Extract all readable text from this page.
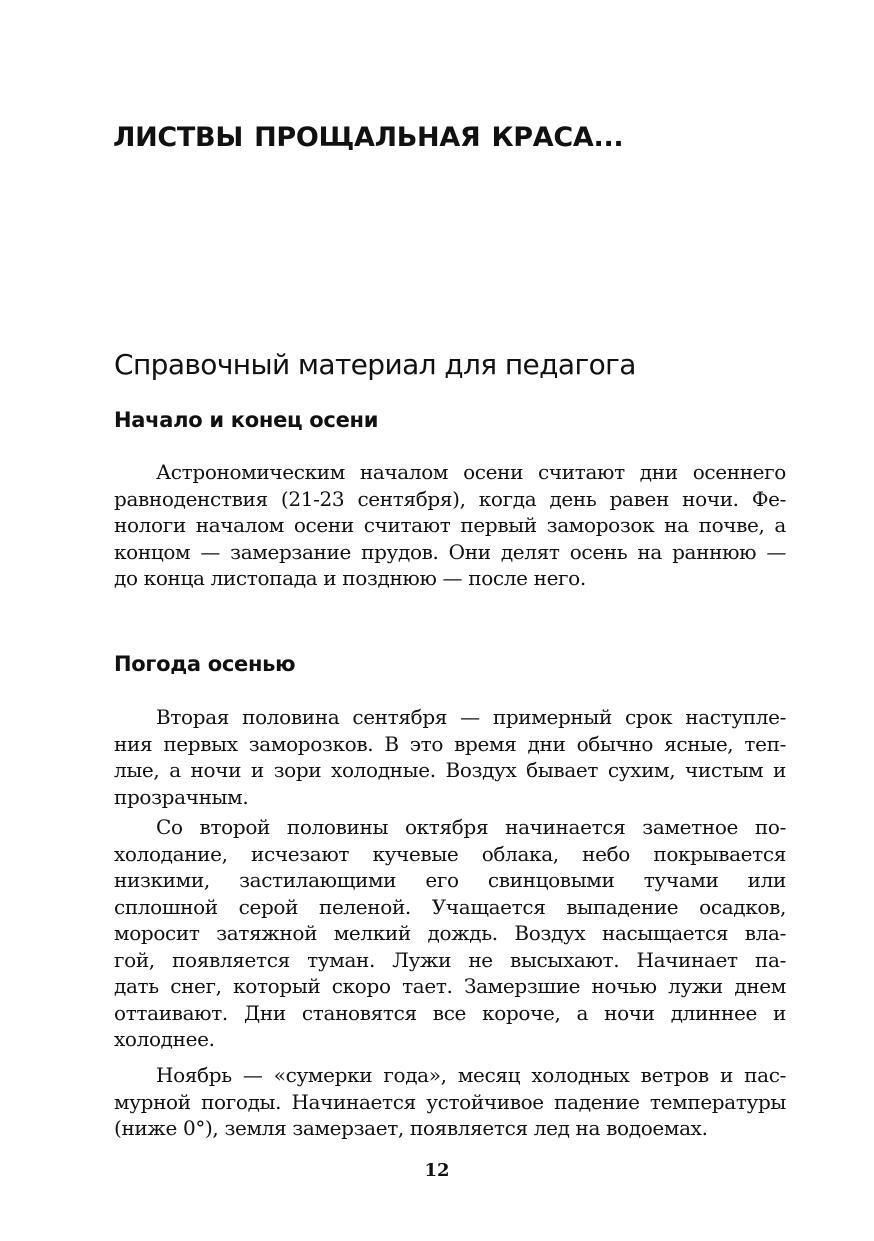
ЛИСТВЫ ПРОЩАЛЬНАЯ КРАСА...
Справочный материал для педагога
Начало и конец осени
Астрономическим началом осени считают дни осеннего
равноденствия (21-23 сентября), когда день равен ночи. Фе-
нологи началом осени считают первый заморозок на почве, а
концом — замерзание прудов. Они делят осень на раннюю —
до конца листопада и позднюю — после него.
Погода осенью
Вторая половина сентября — примерный срок наступле-
ния первых заморозков. В это время дни обычно ясные, теп-
лые, а ночи и зори холодные. Воздух бывает сухим, чистым и
прозрачным.
Со второй половины октября начинается заметное по-
холодание, исчезают кучевые облака, небо покрывается
низкими, застилающими его свинцовыми тучами или
сплошной серой пеленой. Учащается выпадение осадков,
моросит затяжной мелкий дождь. Воздух насыщается вла-
гой, появляется туман. Лужи не высыхают. Начинает па-
дать снег, который скоро тает. Замерзшие ночью лужи днем
оттаивают. Дни становятся все короче, а ночи длиннее и
холоднее.
Ноябрь — «сумерки года», месяц холодных ветров и пас-
мурной погоды. Начинается устойчивое падение температуры
(ниже 0°), земля замерзает, появляется лед на водоемах.
12
